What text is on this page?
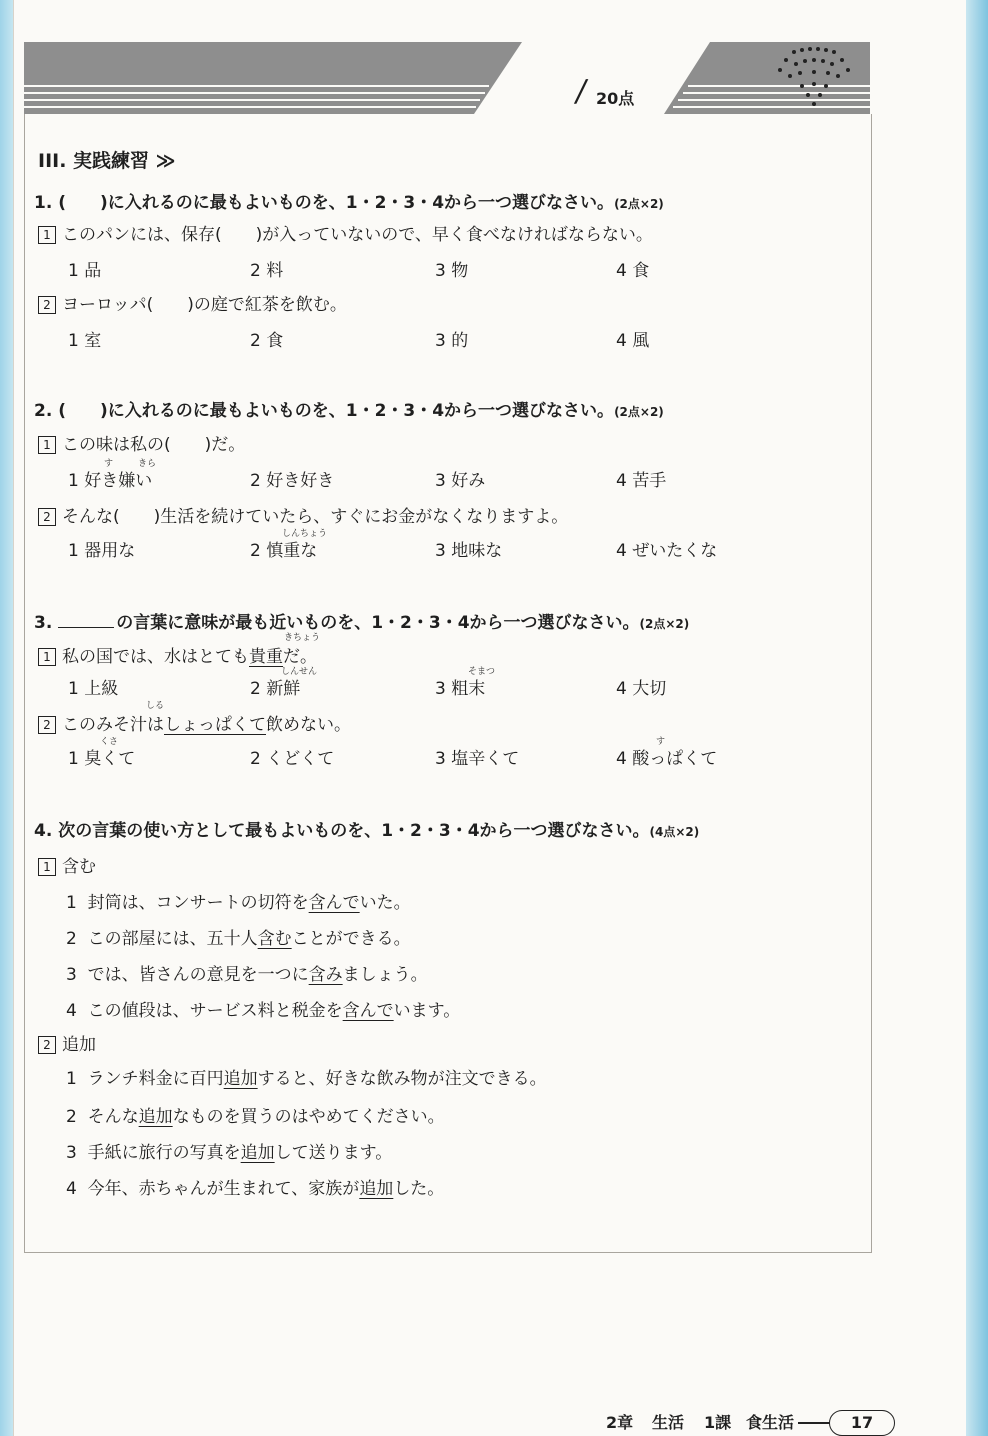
/ 20点
III. 実践練習 ≫
1. (　　)に入れるのに最もよいものを、1・2・3・4から一つ選びなさい。(2点×2)
1 このパンには、保存(　　)が入っていないので、早く食べなければならない。
1 品	2 料	3 物	4 食
2 ヨーロッパ(　　)の庭で紅茶を飲む。
1 室	2 食	3 的	4 風
2. (　　)に入れるのに最もよいものを、1・2・3・4から一つ選びなさい。(2点×2)
1 この味は私の(　　)だ。
す	きら
1 好き嫌い	2 好き好き	3 好み	4 苦手
2 そんな(　　)生活を続けていたら、すぐにお金がなくなりますよ。
しんちょう
1 器用な	2 慎重な	3 地味な	4 ぜいたくな
3.	の言葉に意味が最も近いものを、1・2・3・4から一つ選びなさい。(2点×2)
1 私の国では、水はとても貴重だ。
きちょう
しんせん	そまつ
1 上級	2 新鮮	3 粗末	4 大切
2 このみそ汁はしょっぱくて飲めない。
しる
くさ	す
1 臭くて	2 くどくて	3 塩辛くて	4 酸っぱくて
4. 次の言葉の使い方として最もよいものを、1・2・3・4から一つ選びなさい。(4点×2)
1 含む
1 封筒は、コンサートの切符を含んでいた。
2 この部屋には、五十人含むことができる。
3 では、皆さんの意見を一つに含みましょう。
4 この値段は、サービス料と税金を含んでいます。
2 追加
1 ランチ料金に百円追加すると、好きな飲み物が注文できる。
2 そんな追加なものを買うのはやめてください。
3 手紙に旅行の写真を追加して送ります。
4 今年、赤ちゃんが生まれて、家族が追加した。
2章 生活 1課 食生活	17
